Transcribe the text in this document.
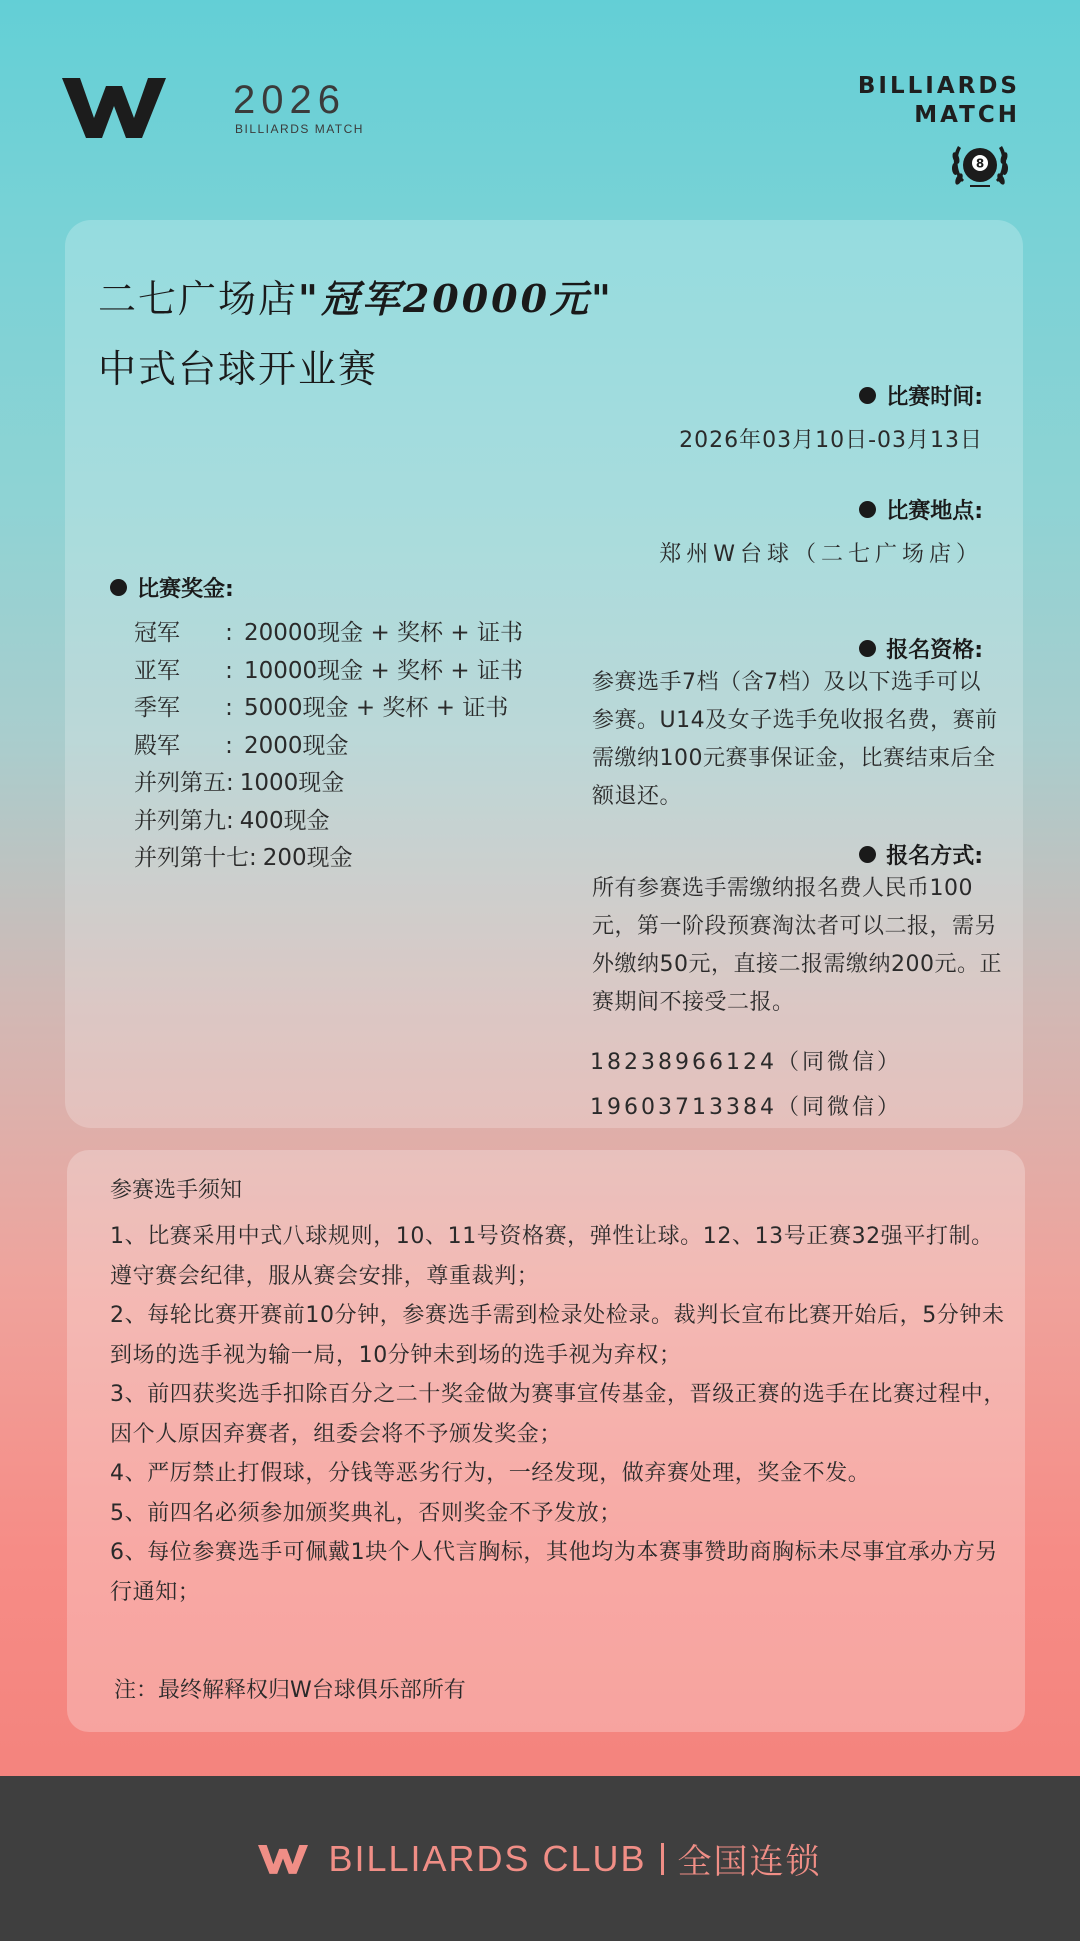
2026
BILLIARDS MATCH
BILLIARDS
MATCH
8
二七广场店"冠军20000元"
中式台球开业赛
比赛时间:
2026年03月10日-03月13日
比赛地点:
郑州W台球（二七广场店）
比赛奖金:
冠军	: 20000现金 + 奖杯 + 证书
亚军	: 10000现金 + 奖杯 + 证书
季军	: 5000现金 + 奖杯 + 证书
殿军	: 2000现金
并列第五 : 1000现金
并列第九 : 400现金
并列第十七 : 200现金
报名资格:
参赛选手7档（含7档）及以下选手可以参赛。U14及女子选手免收报名费，赛前需缴纳100元赛事保证金，比赛结束后全额退还。
报名方式:
所有参赛选手需缴纳报名费人民币100元，第一阶段预赛淘汰者可以二报，需另外缴纳50元，直接二报需缴纳200元。正赛期间不接受二报。
18238966124（同微信）
19603713384（同微信）
参赛选手须知
1、比赛采用中式八球规则，10、11号资格赛，弹性让球。12、13号正赛32强平打制。遵守赛会纪律，服从赛会安排，尊重裁判；
2、每轮比赛开赛前10分钟，参赛选手需到检录处检录。裁判长宣布比赛开始后，5分钟未到场的选手视为输一局，10分钟未到场的选手视为弃权；
3、前四获奖选手扣除百分之二十奖金做为赛事宣传基金，晋级正赛的选手在比赛过程中，因个人原因弃赛者，组委会将不予颁发奖金；
4、严厉禁止打假球，分钱等恶劣行为，一经发现，做弃赛处理，奖金不发。
5、前四名必须参加颁奖典礼，否则奖金不予发放；
6、每位参赛选手可佩戴1块个人代言胸标，其他均为本赛事赞助商胸标未尽事宜承办方另行通知；
注：最终解释权归W台球俱乐部所有
BILLIARDS CLUB 全国连锁
